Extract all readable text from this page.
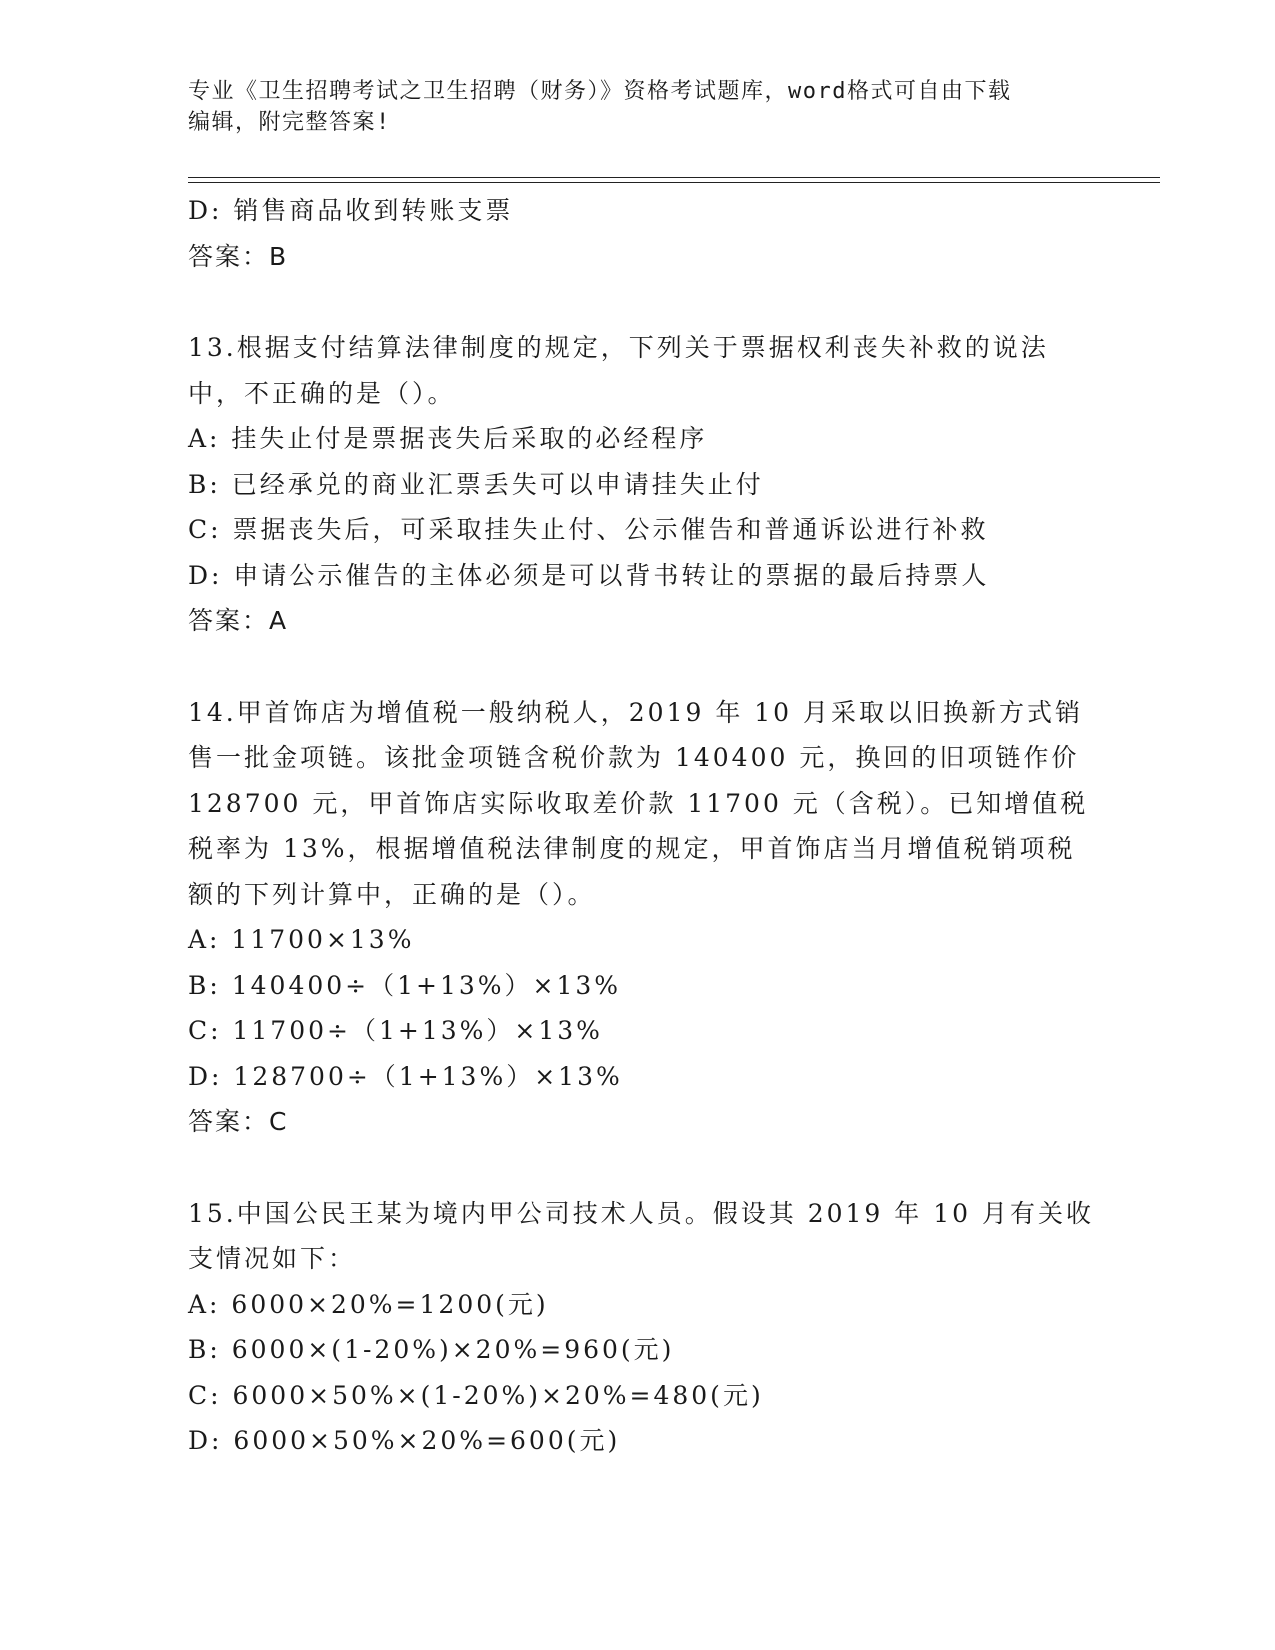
专业《卫生招聘考试之卫生招聘（财务）》资格考试题库，word格式可自由下载
编辑，附完整答案!
D: 销售商品收到转账支票
答案：B
13.根据支付结算法律制度的规定，下列关于票据权利丧失补救的说法
中，不正确的是（）。
A: 挂失止付是票据丧失后采取的必经程序
B: 已经承兑的商业汇票丢失可以申请挂失止付
C: 票据丧失后，可采取挂失止付、公示催告和普通诉讼进行补救
D: 申请公示催告的主体必须是可以背书转让的票据的最后持票人
答案：A
14.甲首饰店为增值税一般纳税人，2019 年 10 月采取以旧换新方式销
售一批金项链。该批金项链含税价款为 140400 元，换回的旧项链作价
128700 元，甲首饰店实际收取差价款 11700 元（含税）。已知增值税
税率为 13%，根据增值税法律制度的规定，甲首饰店当月增值税销项税
额的下列计算中，正确的是（）。
A: 11700×13%
B: 140400÷（1+13%）×13%
C: 11700÷（1+13%）×13%
D: 128700÷（1+13%）×13%
答案：C
15.中国公民王某为境内甲公司技术人员。假设其 2019 年 10 月有关收
支情况如下：
A: 6000×20%=1200(元)
B: 6000×(1-20%)×20%=960(元)
C: 6000×50%×(1-20%)×20%=480(元)
D: 6000×50%×20%=600(元)
